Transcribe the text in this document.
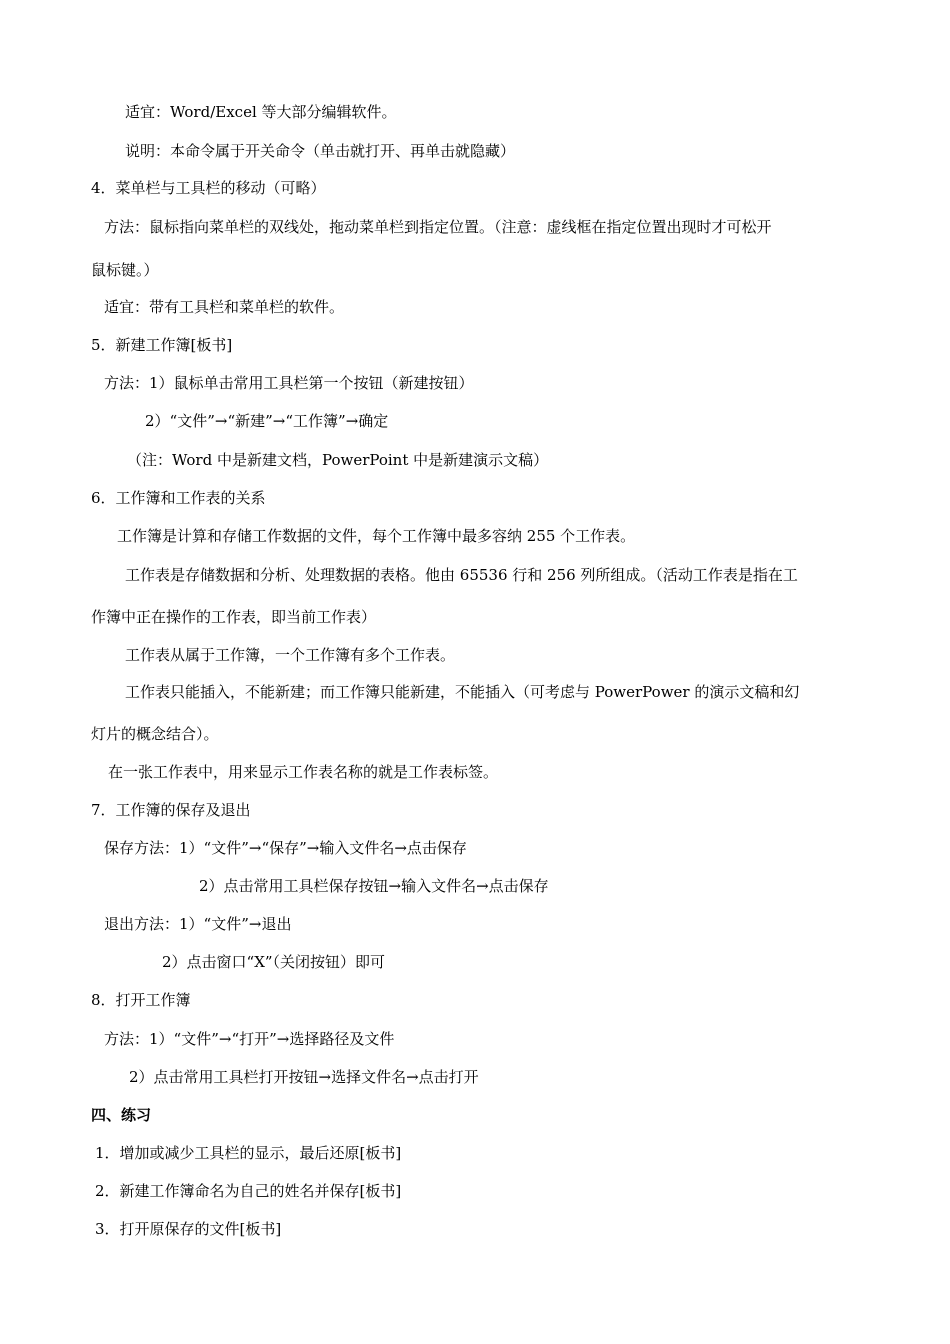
适宜：Word/Excel 等大部分编辑软件。
说明：本命令属于开关命令（单击就打开、再单击就隐藏）
4．菜单栏与工具栏的移动（可略）
方法：鼠标指向菜单栏的双线处，拖动菜单栏到指定位置。（注意：虚线框在指定位置出现时才可松开
鼠标键。）
适宜：带有工具栏和菜单栏的软件。
5．新建工作簿[板书]
方法：1）鼠标单击常用工具栏第一个按钮（新建按钮）
2）“文件”→“新建”→“工作簿”→确定
（注：Word 中是新建文档，PowerPoint 中是新建演示文稿）
6．工作簿和工作表的关系
工作簿是计算和存储工作数据的文件，每个工作簿中最多容纳 255 个工作表。
工作表是存储数据和分析、处理数据的表格。他由 65536 行和 256 列所组成。（活动工作表是指在工
作簿中正在操作的工作表，即当前工作表）
工作表从属于工作簿，一个工作簿有多个工作表。
工作表只能插入，不能新建；而工作簿只能新建，不能插入（可考虑与 PowerPower 的演示文稿和幻
灯片的概念结合）。
在一张工作表中，用来显示工作表名称的就是工作表标签。
7．工作簿的保存及退出
保存方法：1）“文件”→“保存”→输入文件名→点击保存
2）点击常用工具栏保存按钮→输入文件名→点击保存
退出方法：1）“文件”→退出
2）点击窗口“X”（关闭按钮）即可
8．打开工作簿
方法：1）“文件”→“打开”→选择路径及文件
2）点击常用工具栏打开按钮→选择文件名→点击打开
四、练习
1．增加或减少工具栏的显示，最后还原[板书]
2．新建工作簿命名为自己的姓名并保存[板书]
3．打开原保存的文件[板书]
